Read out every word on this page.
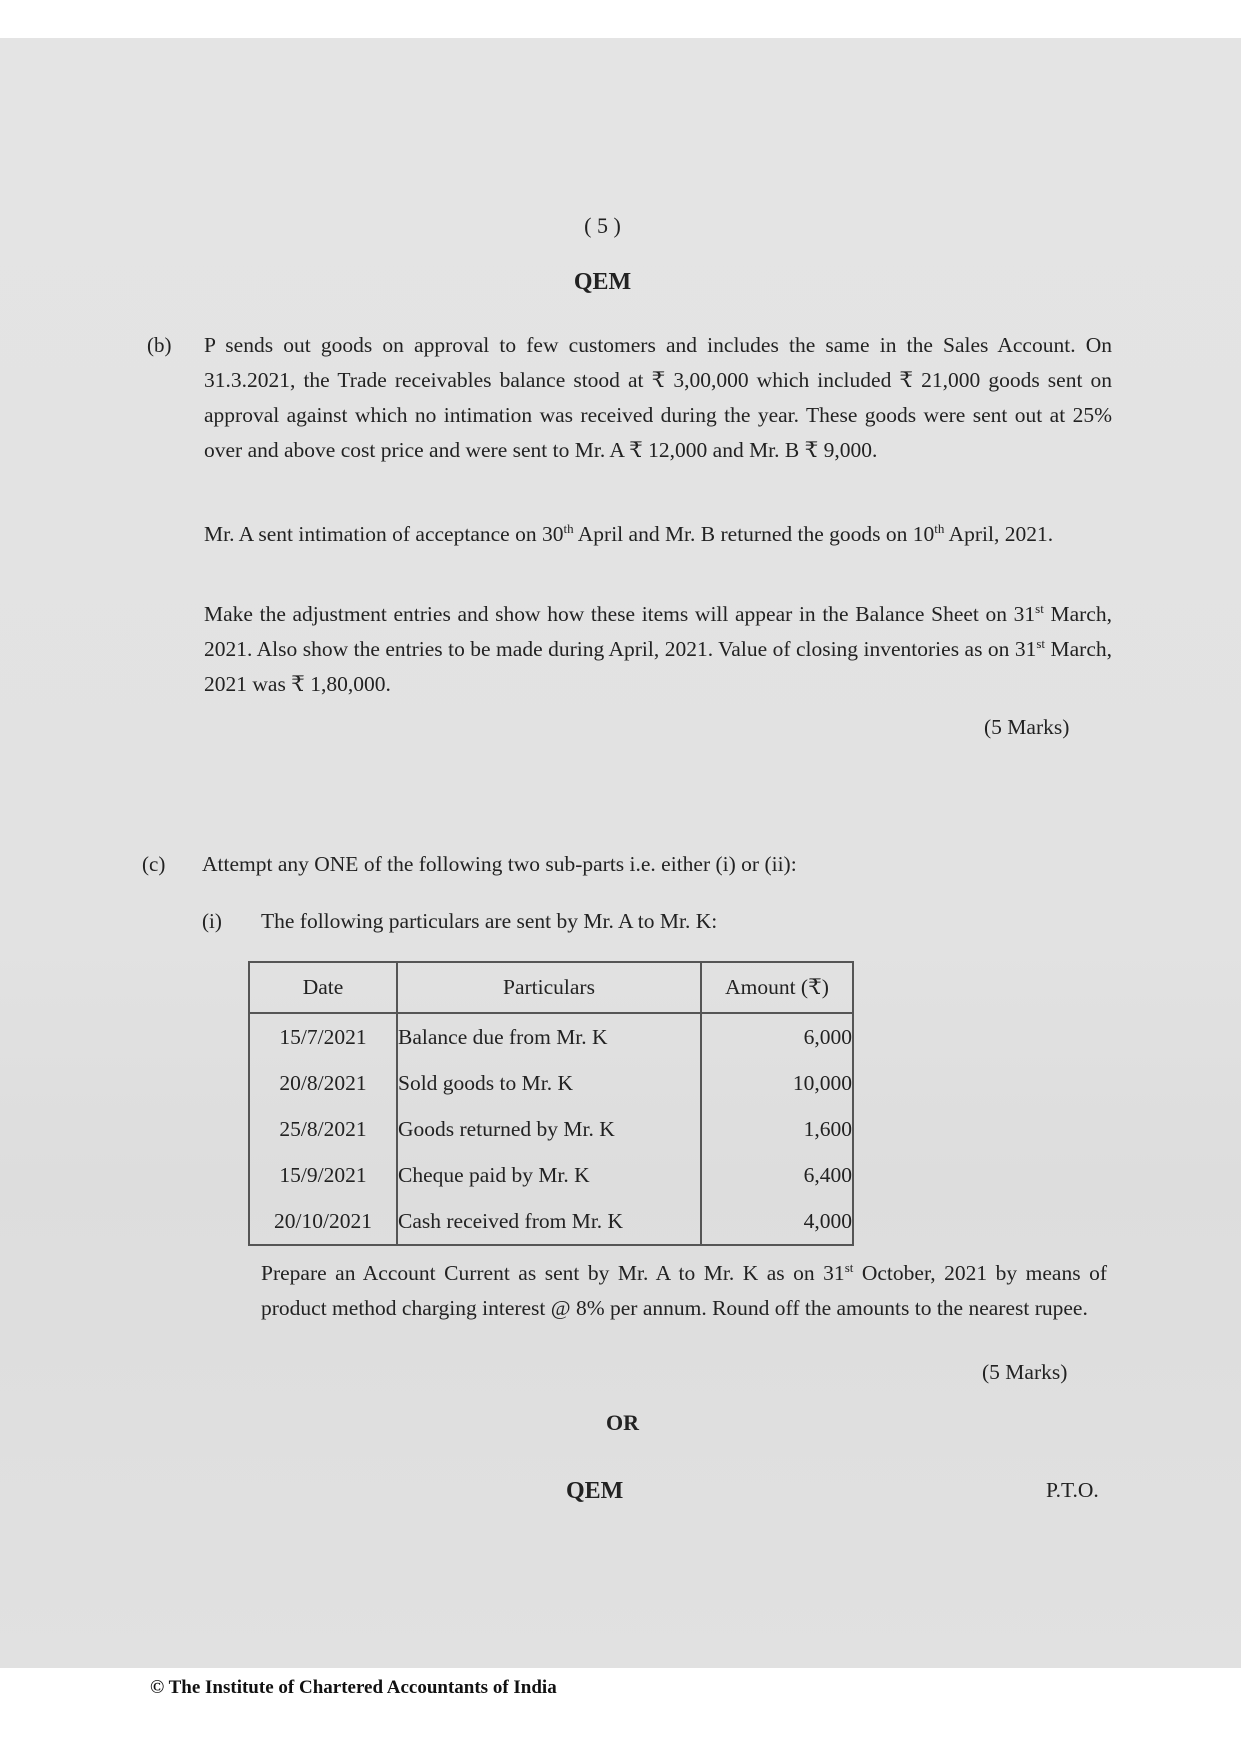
( 5 )
QEM
(b) P sends out goods on approval to few customers and includes the same in the Sales Account. On 31.3.2021, the Trade receivables balance stood at ₹ 3,00,000 which included ₹ 21,000 goods sent on approval against which no intimation was received during the year. These goods were sent out at 25% over and above cost price and were sent to Mr. A ₹ 12,000 and Mr. B ₹ 9,000.
Mr. A sent intimation of acceptance on 30th April and Mr. B returned the goods on 10th April, 2021.
Make the adjustment entries and show how these items will appear in the Balance Sheet on 31st March, 2021. Also show the entries to be made during April, 2021. Value of closing inventories as on 31st March, 2021 was ₹ 1,80,000.
(5 Marks)
(c) Attempt any ONE of the following two sub-parts i.e. either (i) or (ii):
(i) The following particulars are sent by Mr. A to Mr. K:
Date	Particulars	Amount (₹)
15/7/2021	Balance due from Mr. K	6,000
20/8/2021	Sold goods to Mr. K	10,000
25/8/2021	Goods returned by Mr. K	1,600
15/9/2021	Cheque paid by Mr. K	6,400
20/10/2021	Cash received from Mr. K	4,000
Prepare an Account Current as sent by Mr. A to Mr. K as on 31st October, 2021 by means of product method charging interest @ 8% per annum. Round off the amounts to the nearest rupee.
(5 Marks)
OR
QEM	P.T.O.
© The Institute of Chartered Accountants of India
